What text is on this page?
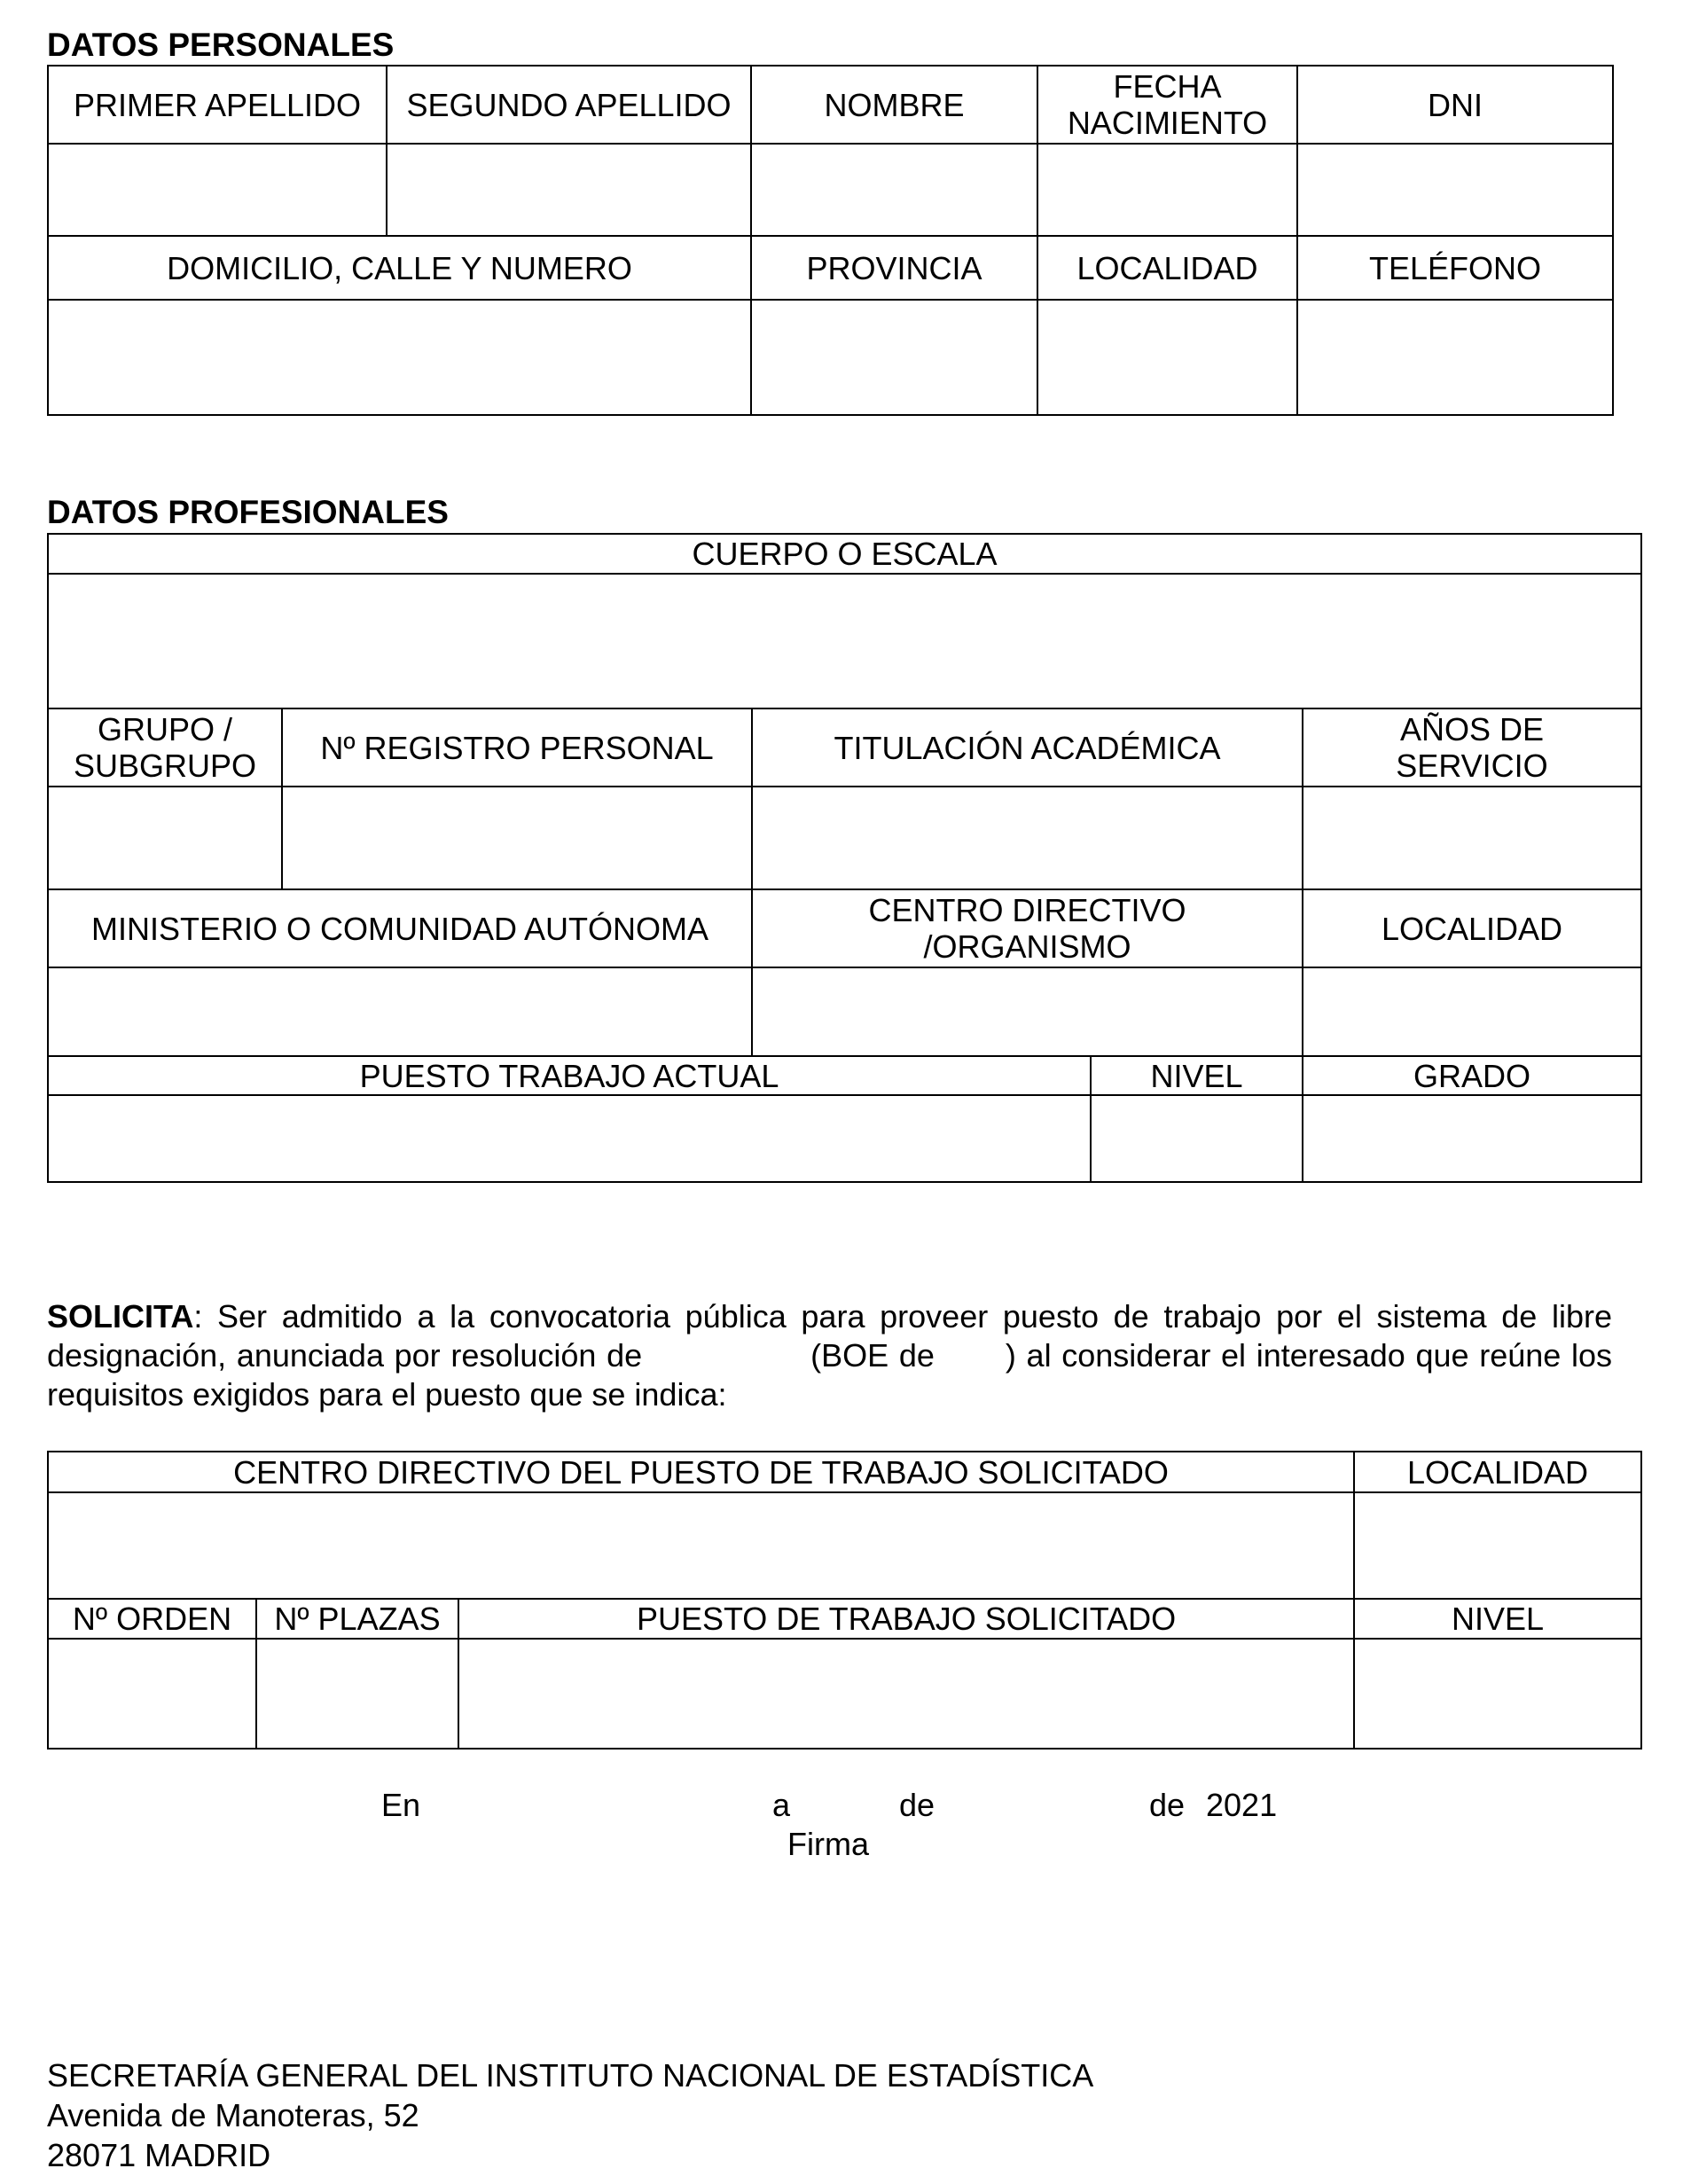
DATOS PERSONALES
PRIMER APELLIDO	SEGUNDO APELLIDO	NOMBRE	FECHA NACIMIENTO	DNI

DOMICILIO, CALLE Y NUMERO		PROVINCIA	LOCALIDAD	TELÉFONO

DATOS PROFESIONALES
CUERPO O ESCALA				

GRUPO / SUBGRUPO	Nº REGISTRO PERSONAL	TITULACIÓN ACADÉMICA		AÑOS DE SERVICIO

MINISTERIO O COMUNIDAD AUTÓNOMA		CENTRO DIRECTIVO /ORGANISMO		LOCALIDAD

PUESTO TRABAJO ACTUAL			NIVEL	GRADO

SOLICITA: Ser admitido a la convocatoria pública para proveer puesto de trabajo por el sistema de libre designación, anunciada por resolución de	(BOE de ) al considerar el interesado que reúne los requisitos exigidos para el puesto que se indica:
CENTRO DIRECTIVO DEL PUESTO DE TRABAJO SOLICITADO			LOCALIDAD

Nº ORDEN	Nº PLAZAS	PUESTO DE TRABAJO SOLICITADO	NIVEL

En	a	de	de 2021
Firma
SECRETARÍA GENERAL DEL INSTITUTO NACIONAL DE ESTADÍSTICA
Avenida de Manoteras, 52
28071 MADRID
